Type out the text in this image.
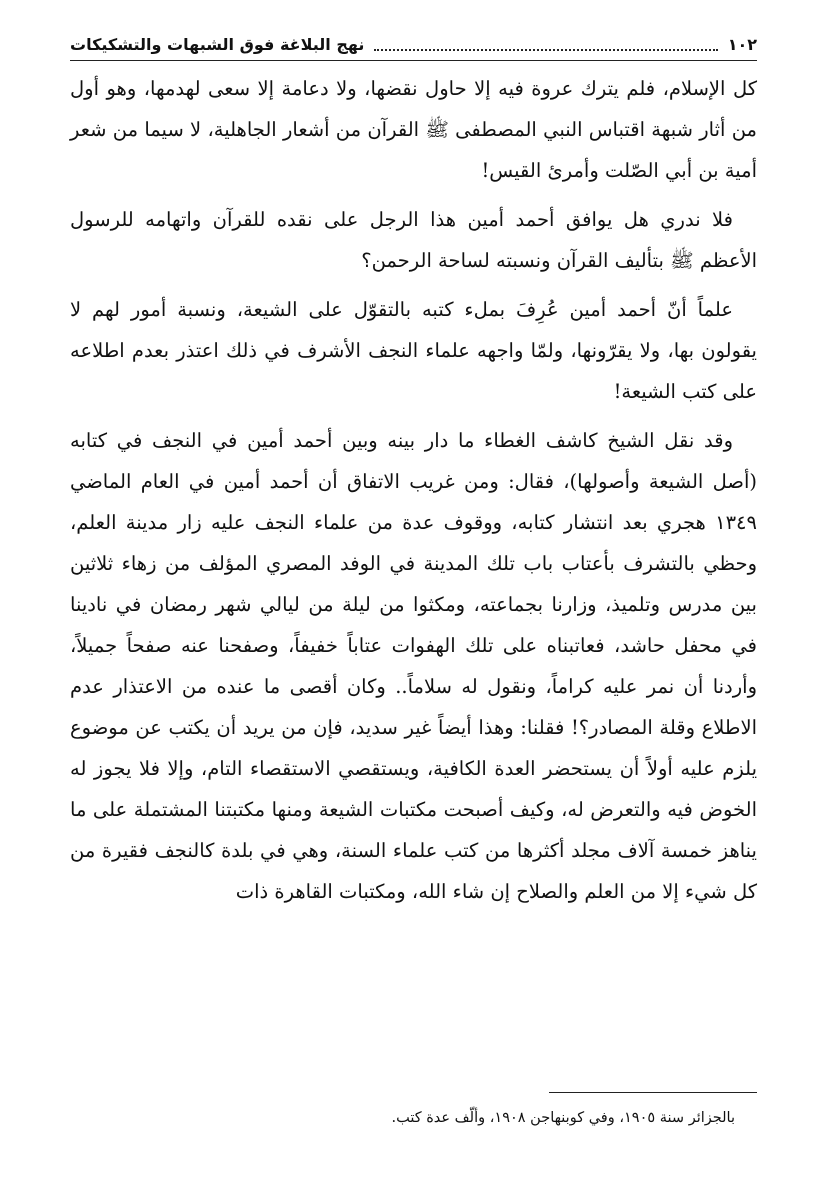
١٠٢
نهج البلاغة فوق الشبهات والتشكيكات

كل الإسلام، فلم يترك عروة فيه إلا حاول نقضها، ولا دعامة إلا سعى لهدمها، وهو أول من أثار شبهة اقتباس النبي المصطفى ﷺ القرآن من أشعار الجاهلية، لا سيما من شعر أمية بن أبي الصّلت وأمرئ القيس!

فلا ندري هل يوافق أحمد أمين هذا الرجل على نقده للقرآن واتهامه للرسول الأعظم ﷺ بتأليف القرآن ونسبته لساحة الرحمن؟

علماً أنّ أحمد أمين عُرِفَ بملء كتبه بالتقوّل على الشيعة، ونسبة أمور لهم لا يقولون بها، ولا يقرّونها، ولمّا واجهه علماء النجف الأشرف في ذلك اعتذر بعدم اطلاعه على كتب الشيعة!

وقد نقل الشيخ كاشف الغطاء ما دار بينه وبين أحمد أمين في النجف في كتابه (أصل الشيعة وأصولها)، فقال: ومن غريب الاتفاق أن أحمد أمين في العام الماضي ١٣٤٩ هجري بعد انتشار كتابه، ووقوف عدة من علماء النجف عليه زار مدينة العلم، وحظي بالتشرف بأعتاب باب تلك المدينة في الوفد المصري المؤلف من زهاء ثلاثين بين مدرس وتلميذ، وزارنا بجماعته، ومكثوا من ليلة من ليالي شهر رمضان في نادينا في محفل حاشد، فعاتبناه على تلك الهفوات عتاباً خفيفاً، وصفحنا عنه صفحاً جميلاً، وأردنا أن نمر عليه كراماً، ونقول له سلاماً.. وكان أقصى ما عنده من الاعتذار عدم الاطلاع وقلة المصادر؟! فقلنا: وهذا أيضاً غير سديد، فإن من يريد أن يكتب عن موضوع يلزم عليه أولاً أن يستحضر العدة الكافية، ويستقصي الاستقصاء التام، وإلا فلا يجوز له الخوض فيه والتعرض له، وكيف أصبحت مكتبات الشيعة ومنها مكتبتنا المشتملة على ما يناهز خمسة آلاف مجلد أكثرها من كتب علماء السنة، وهي في بلدة كالنجف فقيرة من كل شيء إلا من العلم والصلاح إن شاء الله، ومكتبات القاهرة ذات

بالجزائر سنة ١٩٠٥، وفي كوبنهاجن ١٩٠٨، وألّف عدة كتب.
